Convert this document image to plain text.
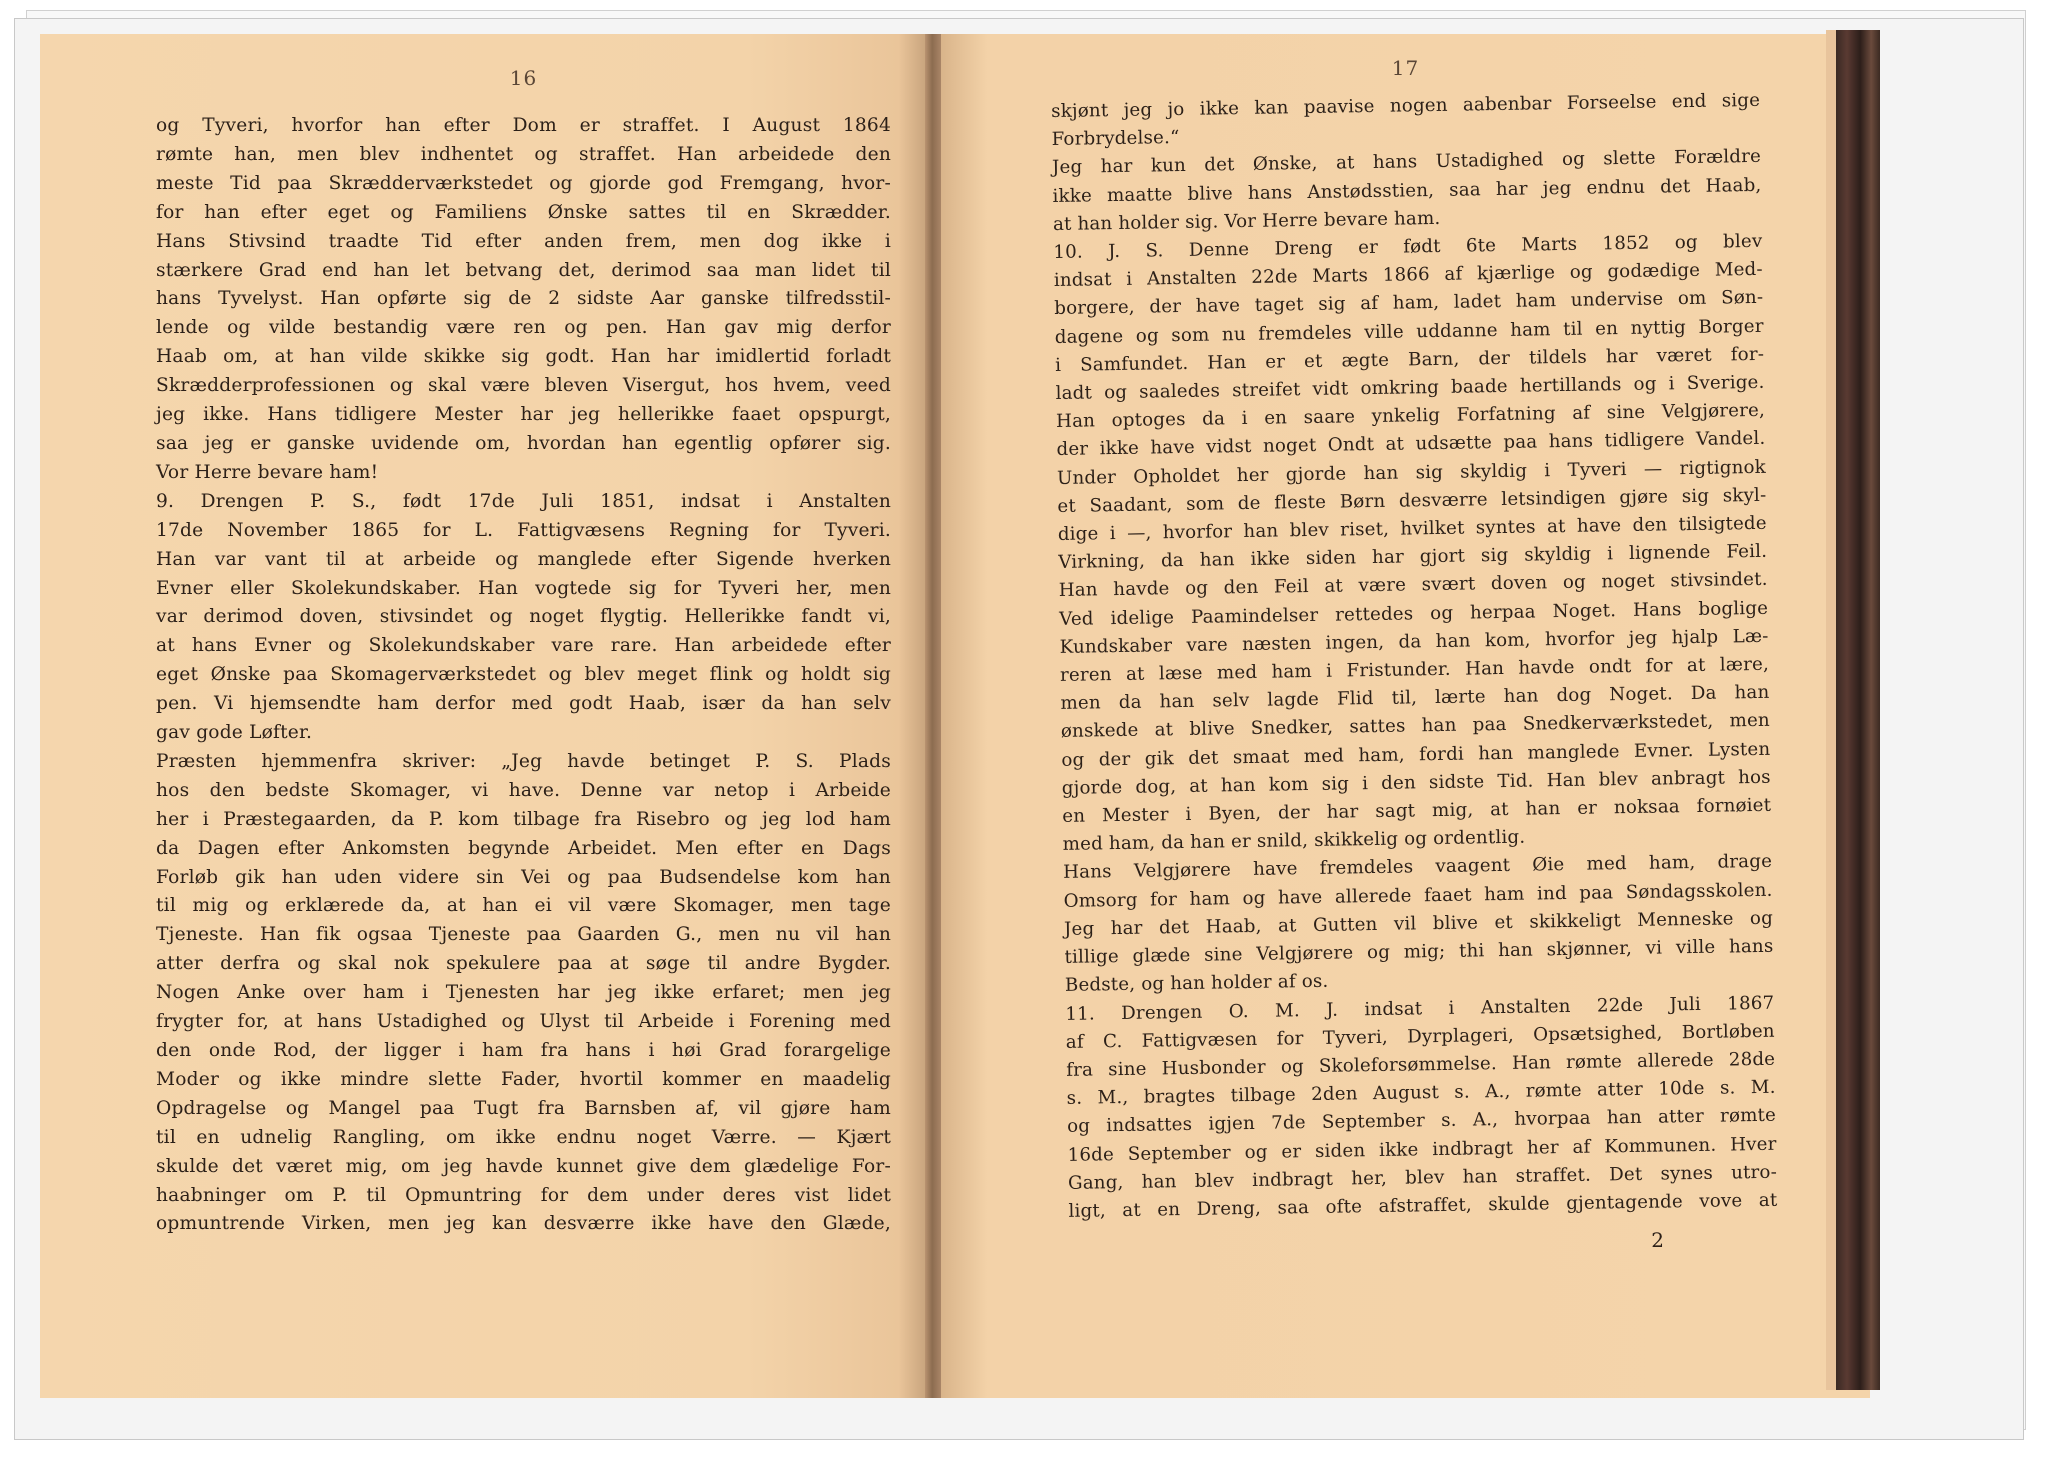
16
og Tyveri, hvorfor han efter Dom er straffet. I August 1864
rømte han, men blev indhentet og straffet. Han arbeidede den
meste Tid paa Skrædderværkstedet og gjorde god Fremgang, hvor-
for han efter eget og Familiens Ønske sattes til en Skrædder.
Hans Stivsind traadte Tid efter anden frem, men dog ikke i
stærkere Grad end han let betvang det, derimod saa man lidet til
hans Tyvelyst. Han opførte sig de 2 sidste Aar ganske tilfredsstil-
lende og vilde bestandig være ren og pen. Han gav mig derfor
Haab om, at han vilde skikke sig godt. Han har imidlertid forladt
Skrædderprofessionen og skal være bleven Visergut, hos hvem, veed
jeg ikke. Hans tidligere Mester har jeg hellerikke faaet opspurgt,
saa jeg er ganske uvidende om, hvordan han egentlig opfører sig.
Vor Herre bevare ham!
9. Drengen P. S., født 17de Juli 1851, indsat i Anstalten
17de November 1865 for L. Fattigvæsens Regning for Tyveri.
Han var vant til at arbeide og manglede efter Sigende hverken
Evner eller Skolekundskaber. Han vogtede sig for Tyveri her, men
var derimod doven, stivsindet og noget flygtig. Hellerikke fandt vi,
at hans Evner og Skolekundskaber vare rare. Han arbeidede efter
eget Ønske paa Skomagerværkstedet og blev meget flink og holdt sig
pen. Vi hjemsendte ham derfor med godt Haab, især da han selv
gav gode Løfter.
Præsten hjemmenfra skriver: „Jeg havde betinget P. S. Plads
hos den bedste Skomager, vi have. Denne var netop i Arbeide
her i Præstegaarden, da P. kom tilbage fra Risebro og jeg lod ham
da Dagen efter Ankomsten begynde Arbeidet. Men efter en Dags
Forløb gik han uden videre sin Vei og paa Budsendelse kom han
til mig og erklærede da, at han ei vil være Skomager, men tage
Tjeneste. Han fik ogsaa Tjeneste paa Gaarden G., men nu vil han
atter derfra og skal nok spekulere paa at søge til andre Bygder.
Nogen Anke over ham i Tjenesten har jeg ikke erfaret; men jeg
frygter for, at hans Ustadighed og Ulyst til Arbeide i Forening med
den onde Rod, der ligger i ham fra hans i høi Grad forargelige
Moder og ikke mindre slette Fader, hvortil kommer en maadelig
Opdragelse og Mangel paa Tugt fra Barnsben af, vil gjøre ham
til en udnelig Rangling, om ikke endnu noget Værre. — Kjært
skulde det været mig, om jeg havde kunnet give dem glædelige For-
haabninger om P. til Opmuntring for dem under deres vist lidet
opmuntrende Virken, men jeg kan desværre ikke have den Glæde,
17
skjønt jeg jo ikke kan paavise nogen aabenbar Forseelse end sige
Forbrydelse.“
Jeg har kun det Ønske, at hans Ustadighed og slette Forældre
ikke maatte blive hans Anstødsstien, saa har jeg endnu det Haab,
at han holder sig. Vor Herre bevare ham.
10. J. S. Denne Dreng er født 6te Marts 1852 og blev
indsat i Anstalten 22de Marts 1866 af kjærlige og godædige Med-
borgere, der have taget sig af ham, ladet ham undervise om Søn-
dagene og som nu fremdeles ville uddanne ham til en nyttig Borger
i Samfundet. Han er et ægte Barn, der tildels har været for-
ladt og saaledes streifet vidt omkring baade hertillands og i Sverige.
Han optoges da i en saare ynkelig Forfatning af sine Velgjørere,
der ikke have vidst noget Ondt at udsætte paa hans tidligere Vandel.
Under Opholdet her gjorde han sig skyldig i Tyveri — rigtignok
et Saadant, som de fleste Børn desværre letsindigen gjøre sig skyl-
dige i —, hvorfor han blev riset, hvilket syntes at have den tilsigtede
Virkning, da han ikke siden har gjort sig skyldig i lignende Feil.
Han havde og den Feil at være svært doven og noget stivsindet.
Ved idelige Paamindelser rettedes og herpaa Noget. Hans boglige
Kundskaber vare næsten ingen, da han kom, hvorfor jeg hjalp Læ-
reren at læse med ham i Fristunder. Han havde ondt for at lære,
men da han selv lagde Flid til, lærte han dog Noget. Da han
ønskede at blive Snedker, sattes han paa Snedkerværkstedet, men
og der gik det smaat med ham, fordi han manglede Evner. Lysten
gjorde dog, at han kom sig i den sidste Tid. Han blev anbragt hos
en Mester i Byen, der har sagt mig, at han er noksaa fornøiet
med ham, da han er snild, skikkelig og ordentlig.
Hans Velgjørere have fremdeles vaagent Øie med ham, drage
Omsorg for ham og have allerede faaet ham ind paa Søndagsskolen.
Jeg har det Haab, at Gutten vil blive et skikkeligt Menneske og
tillige glæde sine Velgjørere og mig; thi han skjønner, vi ville hans
Bedste, og han holder af os.
11. Drengen O. M. J. indsat i Anstalten 22de Juli 1867
af C. Fattigvæsen for Tyveri, Dyrplageri, Opsætsighed, Bortløben
fra sine Husbonder og Skoleforsømmelse. Han rømte allerede 28de
s. M., bragtes tilbage 2den August s. A., rømte atter 10de s. M.
og indsattes igjen 7de September s. A., hvorpaa han atter rømte
16de September og er siden ikke indbragt her af Kommunen. Hver
Gang, han blev indbragt her, blev han straffet. Det synes utro-
ligt, at en Dreng, saa ofte afstraffet, skulde gjentagende vove at
2
